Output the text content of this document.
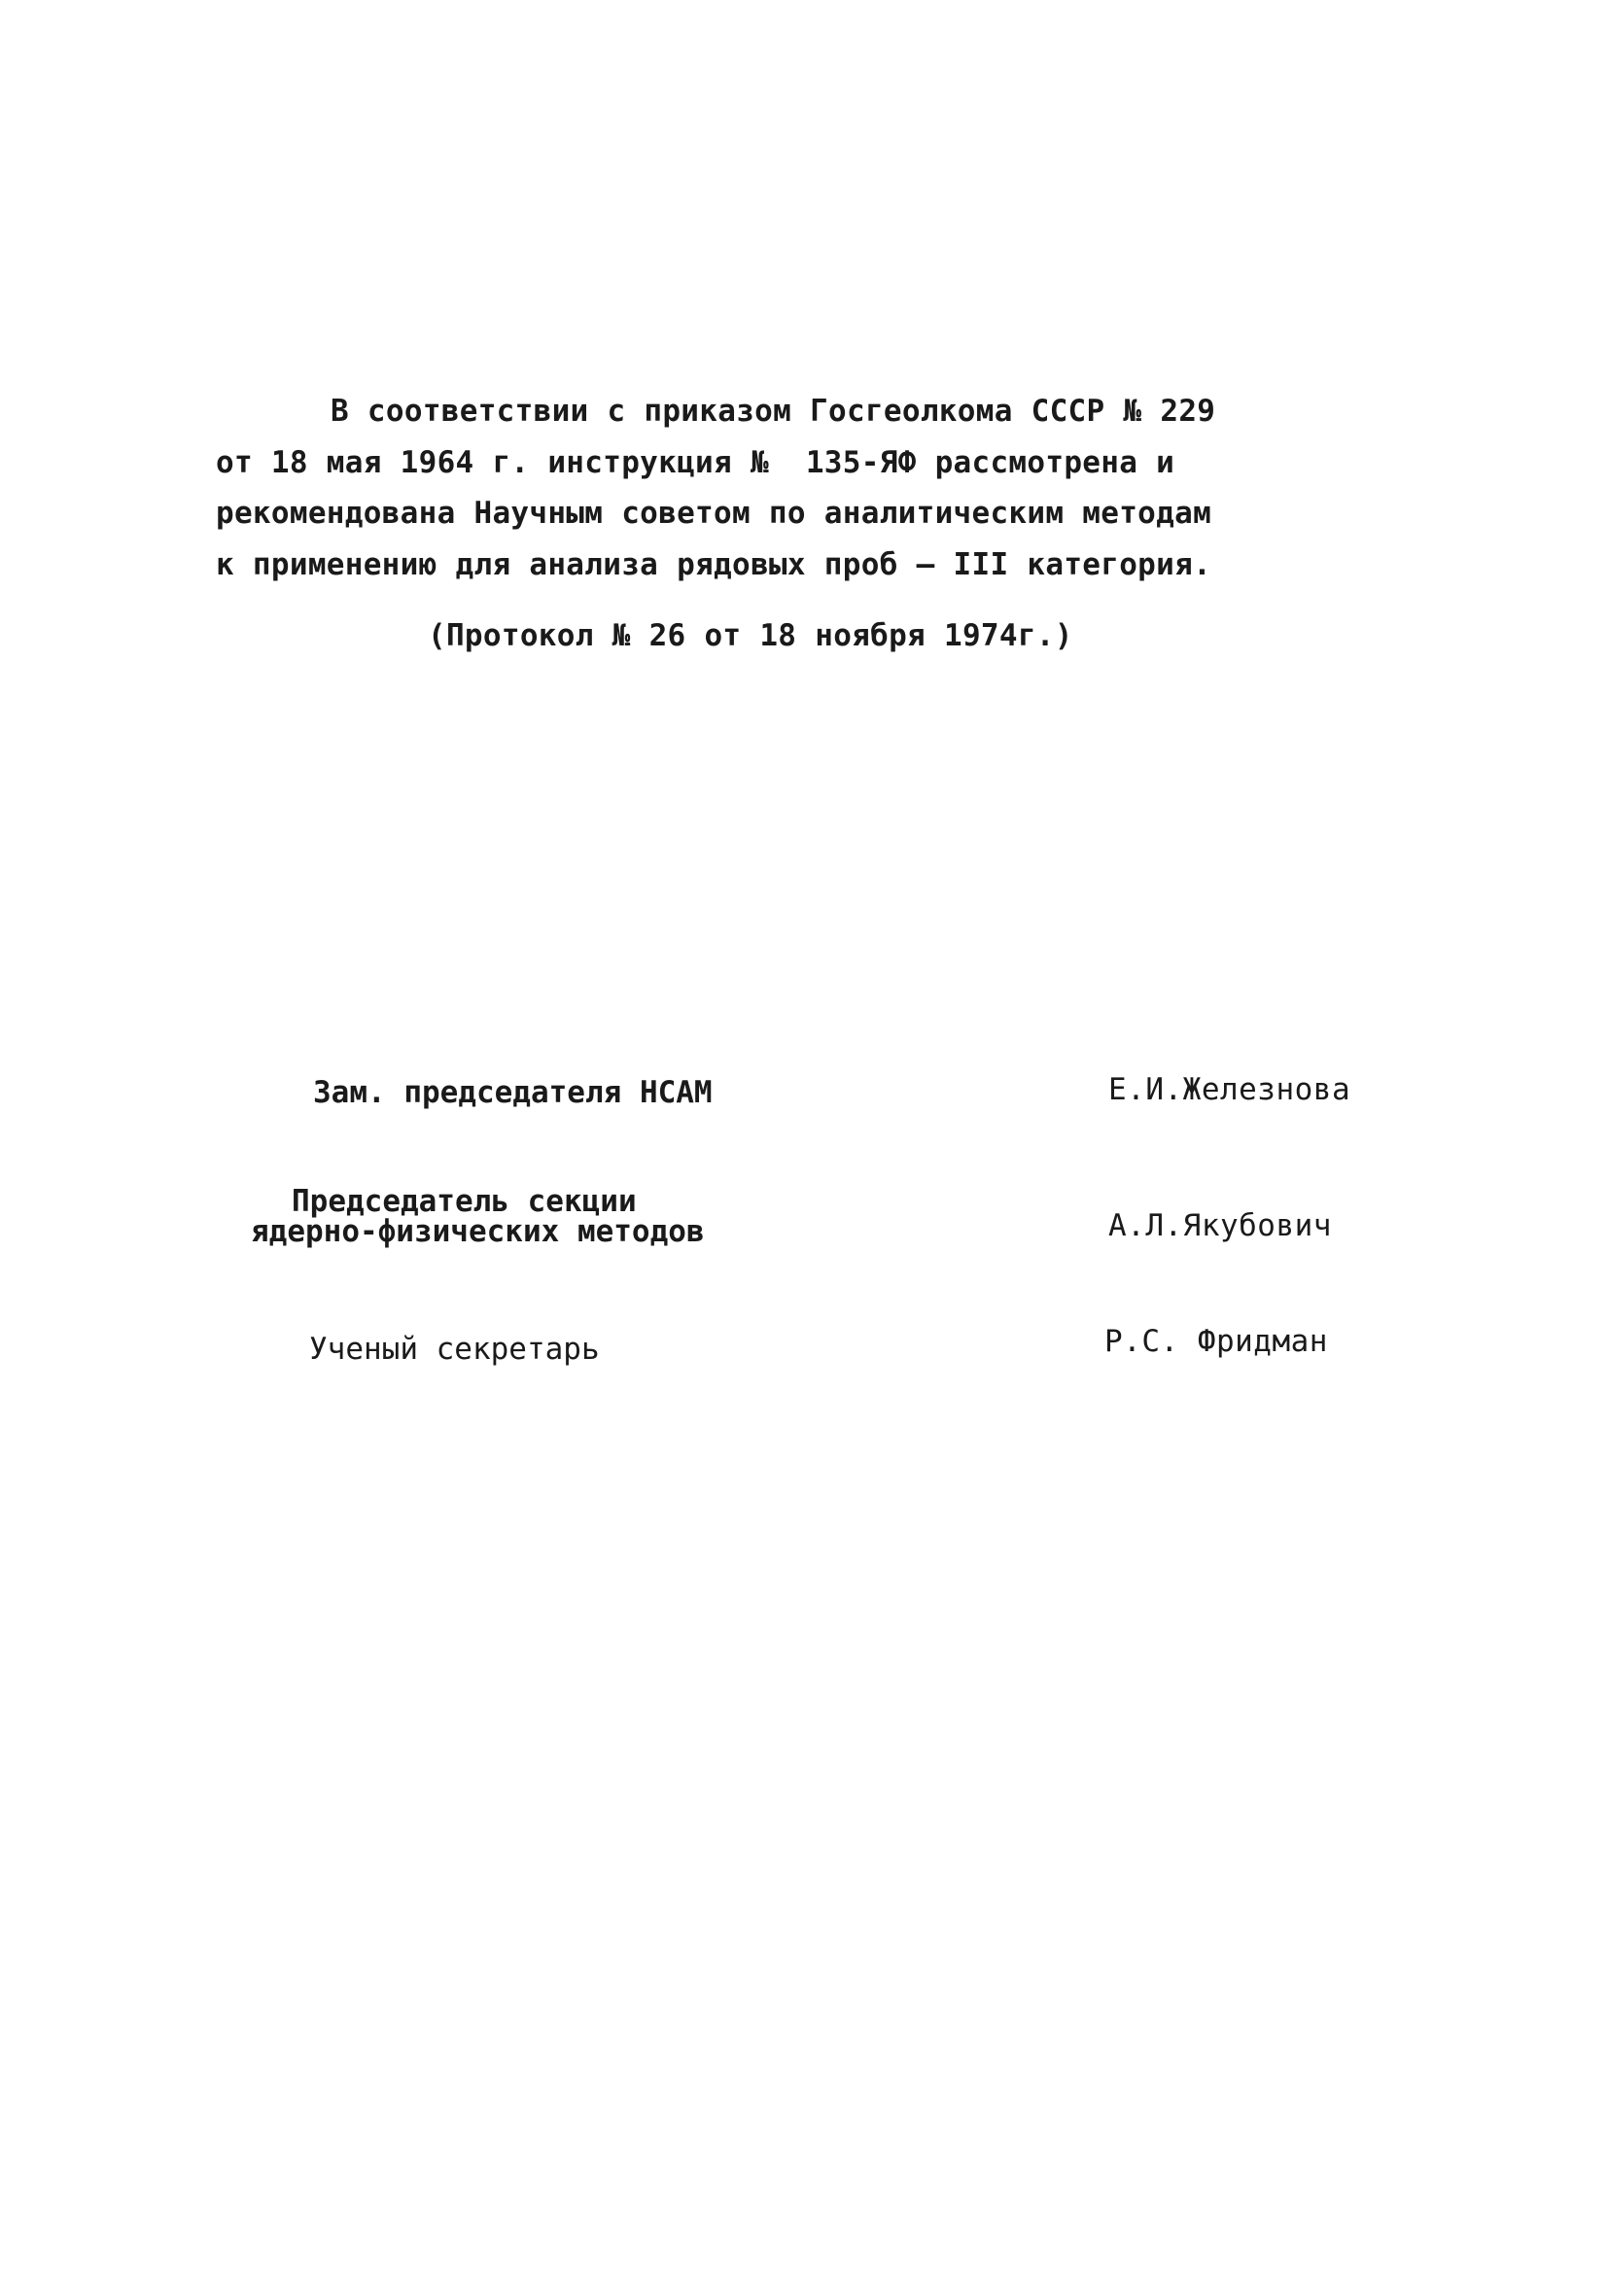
В соответствии с приказом Госгеолкома СССР № 229
от 18 мая 1964 г. инструкция №  135-ЯФ рассмотрена и
рекомендована Научным советом по аналитическим методам
к применению для анализа рядовых проб – III категория.
(Протокол № 26 от 18 ноября 1974г.)
Зам. председателя НСАМ	Е.И.Железнова
Председатель секции
ядерно-физических методов	А.Л.Якубович
Ученый секретарь	Р.С. Фридман
